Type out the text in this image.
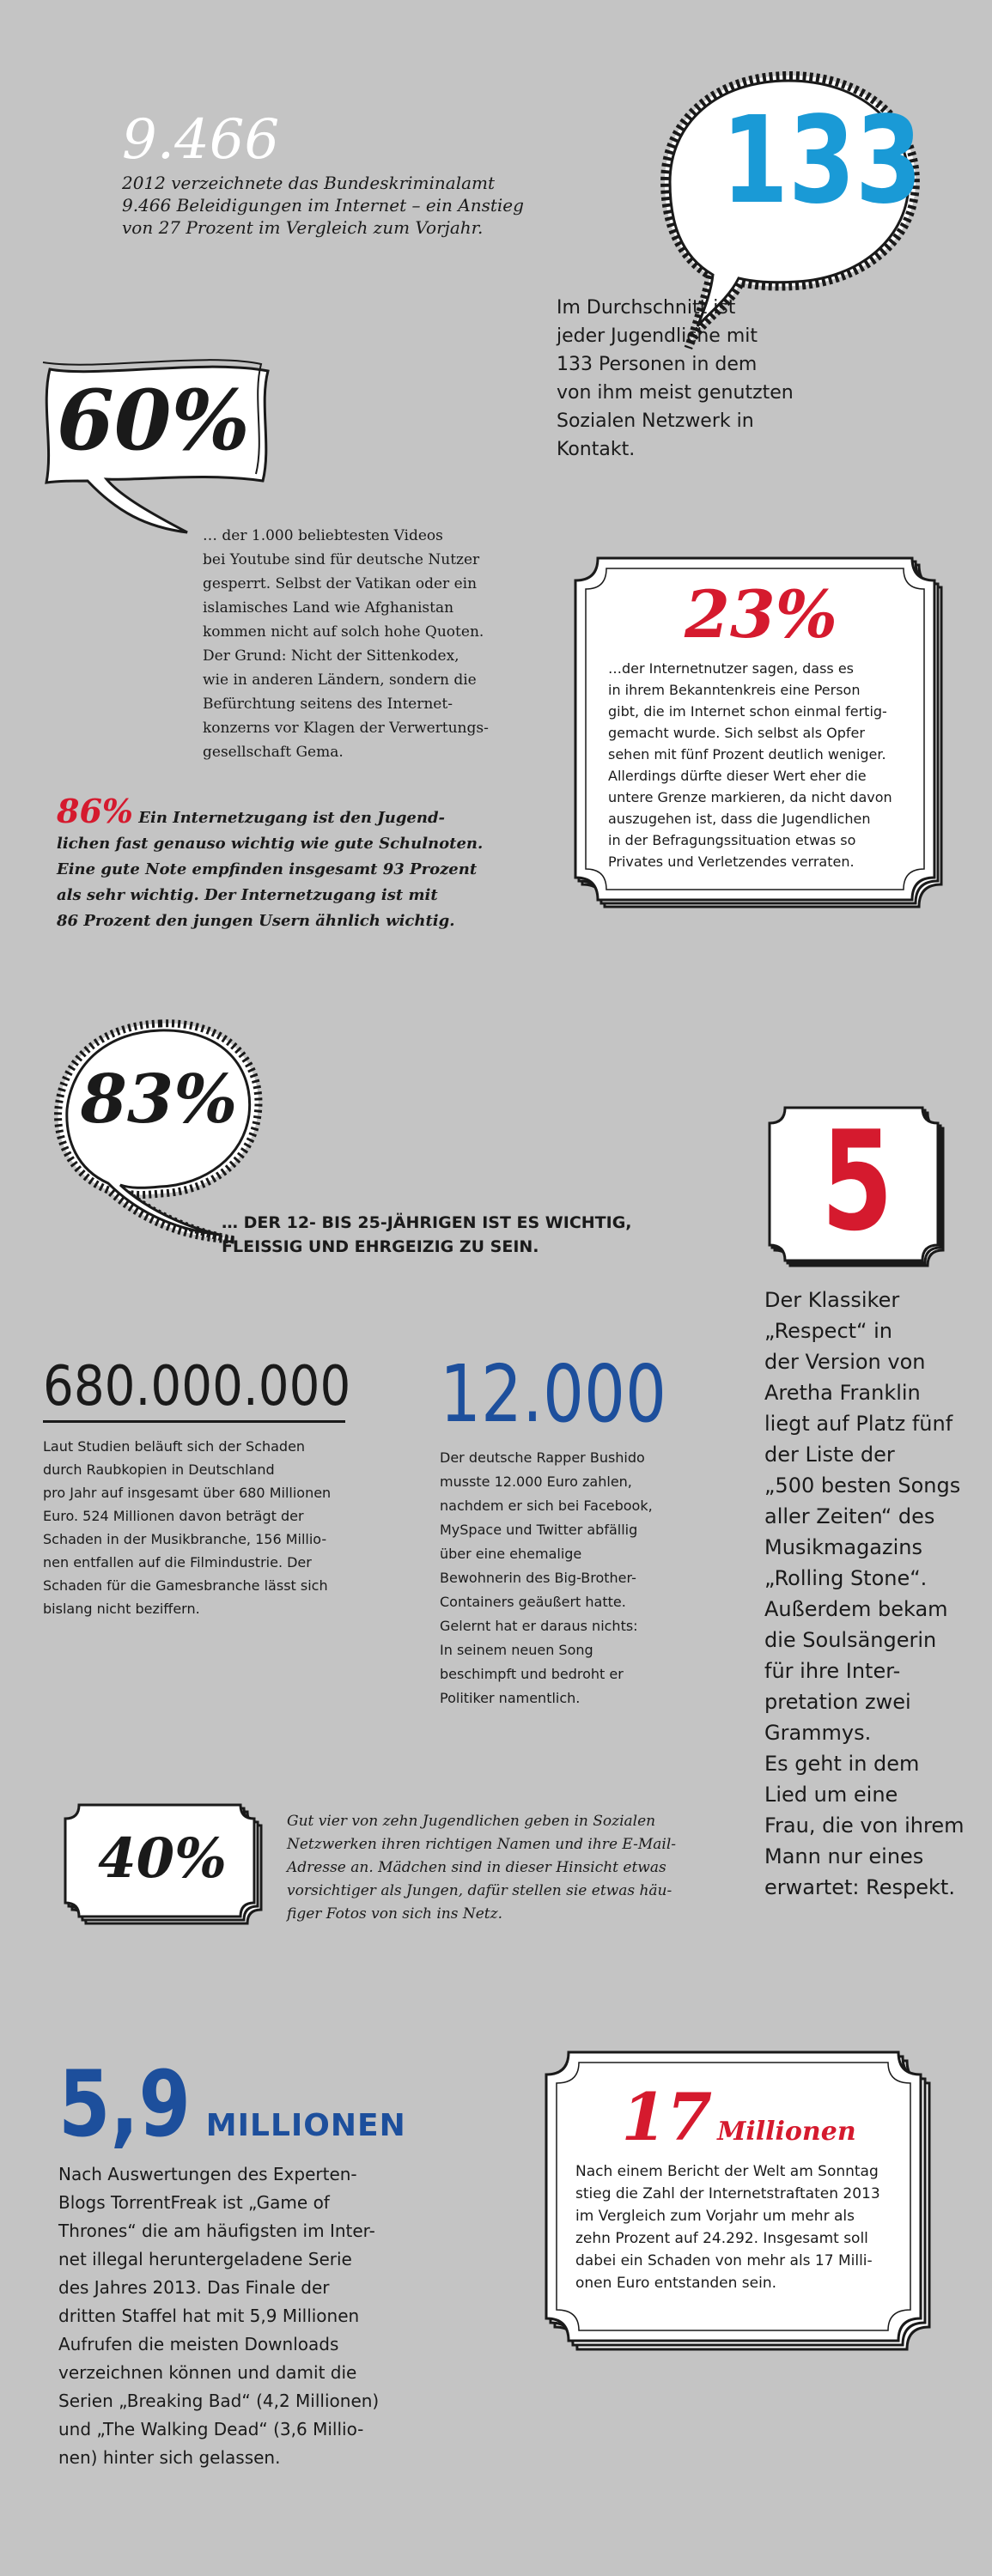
9.466
2012 verzeichnete das Bundeskriminalamt
9.466 Beleidigungen im Internet – ein Anstieg
von 27 Prozent im Vergleich zum Vorjahr.	133
Im Durchschnitt ist
jeder Jugendliche mit
133 Personen in dem
von ihm meist genutzten
Sozialen Netzwerk in
Kontakt.
60%
… der 1.000 beliebtesten Videos
bei Youtube sind für deutsche Nutzer
gesperrt. Selbst der Vatikan oder ein
islamisches Land wie Afghanistan
kommen nicht auf solch hohe Quoten.
Der Grund: Nicht der Sittenkodex,
wie in anderen Ländern, sondern die
Befürchtung seitens des Internet-
konzerns vor Klagen der Verwertungs-
gesellschaft Gema.
23%
…der Internetnutzer sagen, dass es
in ihrem Bekanntenkreis eine Person
gibt, die im Internet schon einmal fertig-
gemacht wurde. Sich selbst als Opfer
sehen mit fünf Prozent deutlich weniger.
Allerdings dürfte dieser Wert eher die
untere Grenze markieren, da nicht davon
auszugehen ist, dass die Jugendlichen
in der Befragungssituation etwas so
Privates und Verletzendes verraten.
86% Ein Internetzugang ist den Jugend-
lichen fast genauso wichtig wie gute Schulnoten.
Eine gute Note empfinden insgesamt 93 Prozent
als sehr wichtig. Der Internetzugang ist mit
86 Prozent den jungen Usern ähnlich wichtig.
83%
… DER 12- BIS 25-JÄHRIGEN IST ES WICHTIG,
FLEISSIG UND EHRGEIZIG ZU SEIN.	5
Der Klassiker
„Respect“ in
der Version von
Aretha Franklin
liegt auf Platz fünf
der Liste der
„500 besten Songs
aller Zeiten“ des
Musikmagazins
„Rolling Stone“.
Außerdem bekam
die Soulsängerin
für ihre Inter-
pretation zwei
Grammys.
Es geht in dem
Lied um eine
Frau, die von ihrem
Mann nur eines
erwartet: Respekt.
680.000.000
Laut Studien beläuft sich der Schaden
durch Raubkopien in Deutschland
pro Jahr auf insgesamt über 680 Millionen
Euro. 524 Millionen davon beträgt der
Schaden in der Musikbranche, 156 Millio-
nen entfallen auf die Filmindustrie. Der
Schaden für die Gamesbranche lässt sich
bislang nicht beziffern.
12.000
Der deutsche Rapper Bushido
musste 12.000 Euro zahlen,
nachdem er sich bei Facebook,
MySpace und Twitter abfällig
über eine ehemalige
Bewohnerin des Big-Brother-
Containers geäußert hatte.
Gelernt hat er daraus nichts:
In seinem neuen Song
beschimpft und bedroht er
Politiker namentlich.
40%
Gut vier von zehn Jugendlichen geben in Sozialen
Netzwerken ihren richtigen Namen und ihre E-Mail-
Adresse an. Mädchen sind in dieser Hinsicht etwas
vorsichtiger als Jungen, dafür stellen sie etwas häu-
figer Fotos von sich ins Netz.
5,9 MILLIONEN
Nach Auswertungen des Experten-
Blogs TorrentFreak ist „Game of
Thrones“ die am häufigsten im Inter-
net illegal heruntergeladene Serie
des Jahres 2013. Das Finale der
dritten Staffel hat mit 5,9 Millionen
Aufrufen die meisten Downloads
verzeichnen können und damit die
Serien „Breaking Bad“ (4,2 Millionen)
und „The Walking Dead“ (3,6 Millio-
nen) hinter sich gelassen.
17 Millionen
Nach einem Bericht der Welt am Sonntag
stieg die Zahl der Internetstraftaten 2013
im Vergleich zum Vorjahr um mehr als
zehn Prozent auf 24.292. Insgesamt soll
dabei ein Schaden von mehr als 17 Milli-
onen Euro entstanden sein.
